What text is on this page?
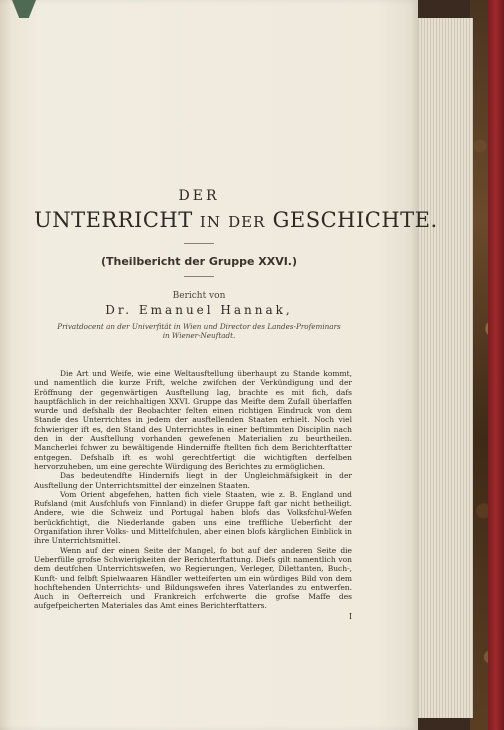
DER
UNTERRICHT IN DER GESCHICHTE.
(Theilbericht der Gruppe XXVI.)
Bericht von
Dr. Emanuel Hannak,
Privatdocent an der Univerfität in Wien und Director des Landes-Profeminars
in Wiener-Neuftadt.

Die Art und Weife, wie eine Weltausftellung überhaupt zu Stande kommt, und namentlich die kurze Frift, welche zwifchen der Verkündigung und der Eröffnung der gegenwärtigen Ausftellung lag, brachte es mit fich, dafs hauptfächlich in der reichhaltigen XXVI. Gruppe das Meifte dem Zufall überlaffen wurde und defshalb der Beobachter felten einen richtigen Eindruck von dem Stande des Unterrichtes in jedem der ausftellenden Staaten erhielt. Noch viel fchwieriger ift es, den Stand des Unterrichtes in einer beftimmten Disciplin nach den in der Ausftellung vorhanden gewefenen Materialien zu beurtheilen. Mancherlei fchwer zu bewältigende Hinderniffe ftellten fich dem Berichterftatter entgegen. Defshalb ift es wohl gerechtfertigt die wichtigften derfelben hervorzuheben, um eine gerechte Würdigung des Berichtes zu ermöglichen.

Das bedeutendfte Hindernifs liegt in der Ungleichmäfsigkeit in der Ausftellung der Unterrichtsmittel der einzelnen Staaten.

Vom Orient abgefehen, hatten fich viele Staaten, wie z. B. England und Rufsland (mit Ausfchlufs von Finnland) in diefer Gruppe faft gar nicht betheiligt. Andere, wie die Schweiz und Portugal haben blofs das Volksfchul-Wefen berückfichtigt, die Niederlande gaben uns eine treffliche Ueberficht der Organifation ihrer Volks- und Mittelfchulen, aber einen blofs kärglichen Einblick in ihre Unterrichtsmittel.

Wenn auf der einen Seite der Mangel, fo bot auf der anderen Seite die Ueberfülle grofse Schwierigkeiten der Berichterftattung. Diefs gilt namentlich von dem deutfchen Unterrichtswefen, wo Regierungen, Verleger, Dilettanten, Buch-, Kunft- und felbft Spielwaaren Händler wetteiferten um ein würdiges Bild von dem hochftehenden Unterrichts- und Bildungswefen ihres Vaterlandes zu entwerfen. Auch in Oefterreich und Frankreich erfchwerte die grofse Maffe des aufgefpeicherten Materiales das Amt eines Berichterftatters.

I
